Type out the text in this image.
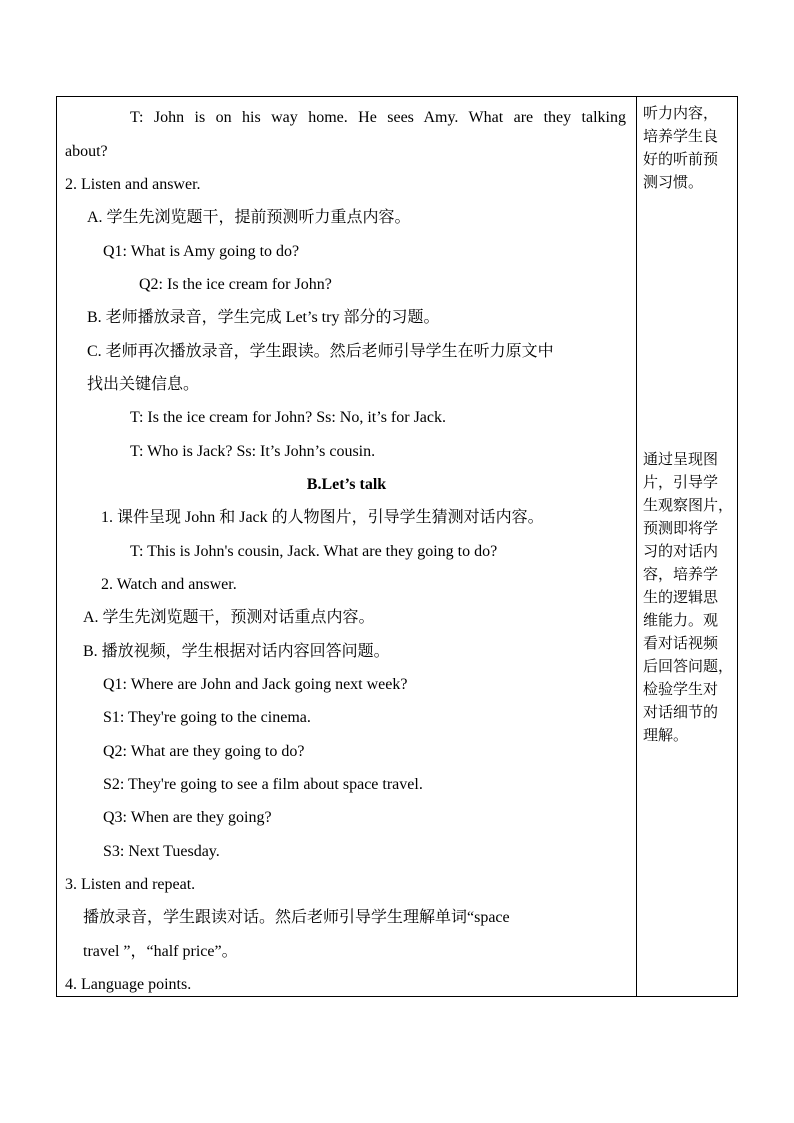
T: John is on his way home. He sees Amy. What are they talking
about?
2. Listen and answer.
A. 学生先浏览题干，提前预测听力重点内容。
Q1: What is Amy going to do?
Q2: Is the ice cream for John?
B. 老师播放录音，学生完成 Let’s try 部分的习题。
C. 老师再次播放录音，学生跟读。然后老师引导学生在听力原文中
找出关键信息。
T: Is the ice cream for John? Ss: No, it’s for Jack.
T: Who is Jack? Ss: It’s John’s cousin.
B.Let’s talk
1. 课件呈现 John 和 Jack 的人物图片，引导学生猜测对话内容。
T: This is John's cousin, Jack. What are they going to do?
2. Watch and answer.
A. 学生先浏览题干，预测对话重点内容。
B. 播放视频，学生根据对话内容回答问题。
Q1: Where are John and Jack going next week?
S1: They're going to the cinema.
Q2: What are they going to do?
S2: They're going to see a film about space travel.
Q3: When are they going?
S3: Next Tuesday.
3. Listen and repeat.
播放录音，学生跟读对话。然后老师引导学生理解单词“space
travel ”，“half price”。
4. Language points.
听力内容，
培养学生良
好的听前预
测习惯。
通过呈现图
片，引导学
生观察图片，
预测即将学
习的对话内
容，培养学
生的逻辑思
维能力。观
看对话视频
后回答问题，
检验学生对
对话细节的
理解。
